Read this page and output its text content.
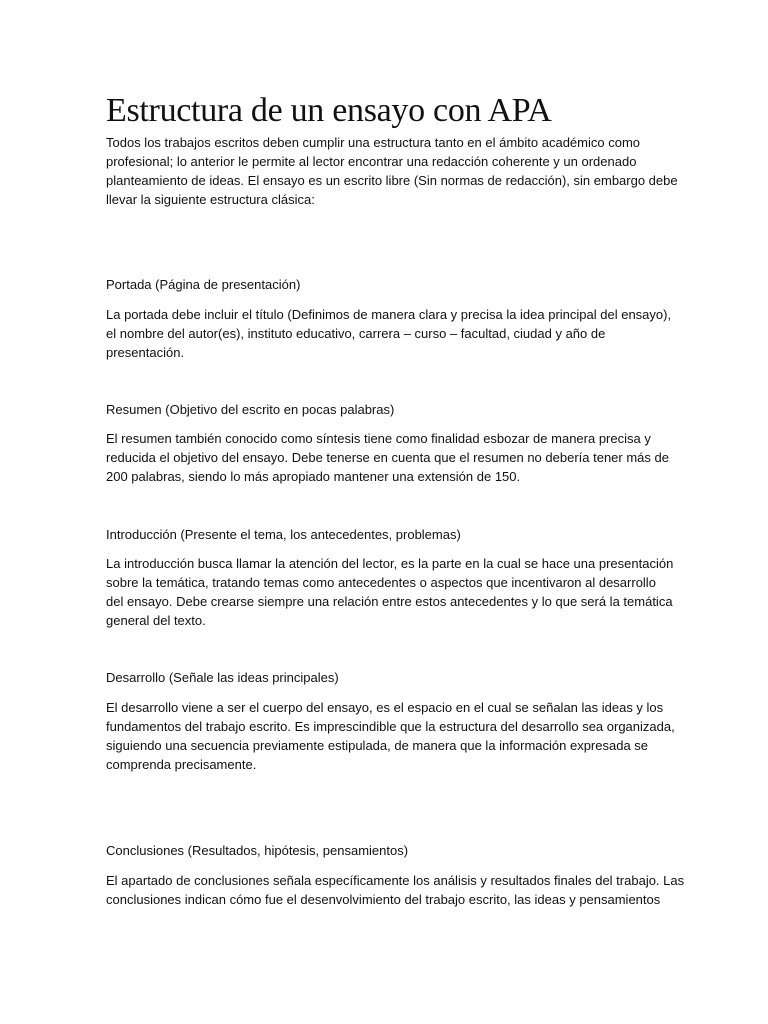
Estructura de un ensayo con APA
Todos los trabajos escritos deben cumplir una estructura tanto en el ámbito académico como
profesional; lo anterior le permite al lector encontrar una redacción coherente y un ordenado
planteamiento de ideas. El ensayo es un escrito libre (Sin normas de redacción), sin embargo debe
llevar la siguiente estructura clásica:
Portada (Página de presentación)
La portada debe incluir el título (Definimos de manera clara y precisa la idea principal del ensayo),
el nombre del autor(es), instituto educativo, carrera – curso – facultad, ciudad y año de
presentación.
Resumen (Objetivo del escrito en pocas palabras)
El resumen también conocido como síntesis tiene como finalidad esbozar de manera precisa y
reducida el objetivo del ensayo. Debe tenerse en cuenta que el resumen no debería tener más de
200 palabras, siendo lo más apropiado mantener una extensión de 150.
Introducción (Presente el tema, los antecedentes, problemas)
La introducción busca llamar la atención del lector, es la parte en la cual se hace una presentación
sobre la temática, tratando temas como antecedentes o aspectos que incentivaron al desarrollo
del ensayo. Debe crearse siempre una relación entre estos antecedentes y lo que será la temática
general del texto.
Desarrollo (Señale las ideas principales)
El desarrollo viene a ser el cuerpo del ensayo, es el espacio en el cual se señalan las ideas y los
fundamentos del trabajo escrito. Es imprescindible que la estructura del desarrollo sea organizada,
siguiendo una secuencia previamente estipulada, de manera que la información expresada se
comprenda precisamente.
Conclusiones (Resultados, hipótesis, pensamientos)
El apartado de conclusiones señala específicamente los análisis y resultados finales del trabajo. Las
conclusiones indican cómo fue el desenvolvimiento del trabajo escrito, las ideas y pensamientos
